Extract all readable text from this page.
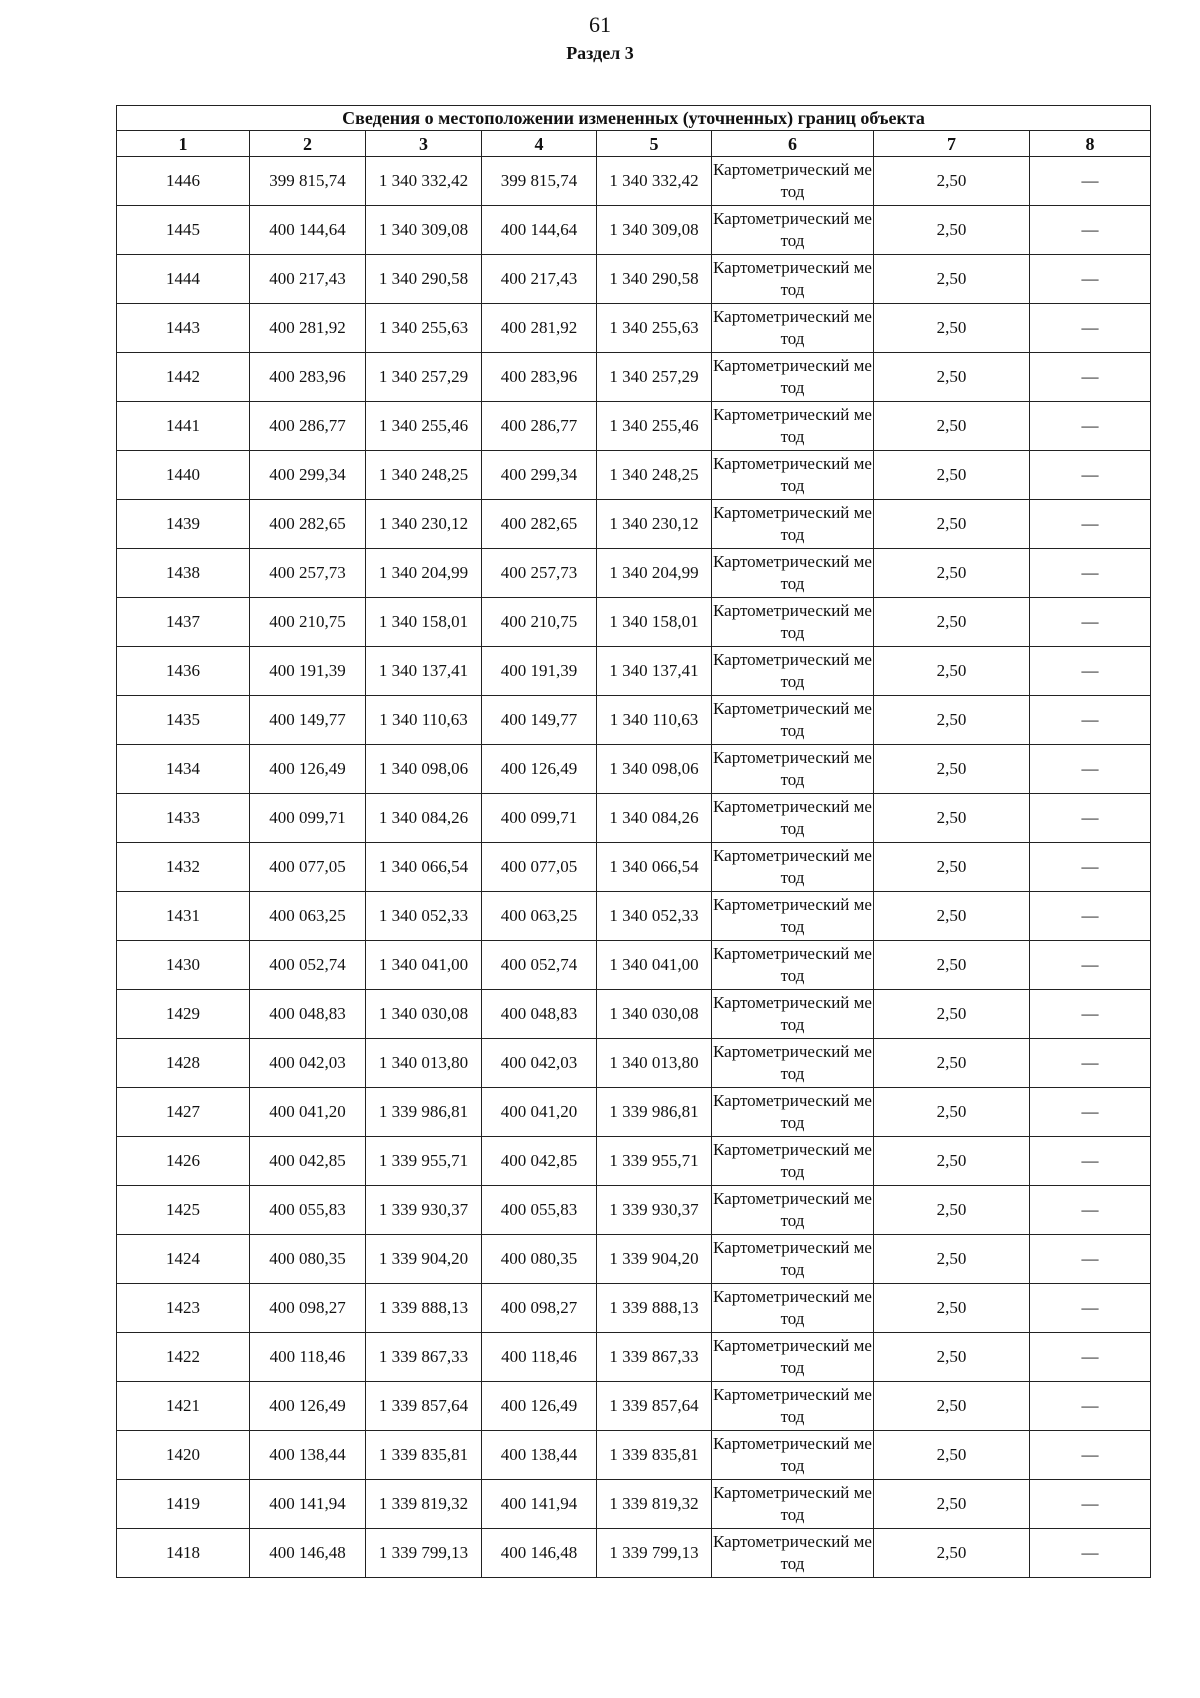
61
Раздел 3
Сведения о местоположении измененных (уточненных) границ объекта							
1	2	3	4	5	6	7	8
1446	399 815,74	1 340 332,42	399 815,74	1 340 332,42	Картометрический метод	2,50	—
1445	400 144,64	1 340 309,08	400 144,64	1 340 309,08	Картометрический метод	2,50	—
1444	400 217,43	1 340 290,58	400 217,43	1 340 290,58	Картометрический метод	2,50	—
1443	400 281,92	1 340 255,63	400 281,92	1 340 255,63	Картометрический метод	2,50	—
1442	400 283,96	1 340 257,29	400 283,96	1 340 257,29	Картометрический метод	2,50	—
1441	400 286,77	1 340 255,46	400 286,77	1 340 255,46	Картометрический метод	2,50	—
1440	400 299,34	1 340 248,25	400 299,34	1 340 248,25	Картометрический метод	2,50	—
1439	400 282,65	1 340 230,12	400 282,65	1 340 230,12	Картометрический метод	2,50	—
1438	400 257,73	1 340 204,99	400 257,73	1 340 204,99	Картометрический метод	2,50	—
1437	400 210,75	1 340 158,01	400 210,75	1 340 158,01	Картометрический метод	2,50	—
1436	400 191,39	1 340 137,41	400 191,39	1 340 137,41	Картометрический метод	2,50	—
1435	400 149,77	1 340 110,63	400 149,77	1 340 110,63	Картометрический метод	2,50	—
1434	400 126,49	1 340 098,06	400 126,49	1 340 098,06	Картометрический метод	2,50	—
1433	400 099,71	1 340 084,26	400 099,71	1 340 084,26	Картометрический метод	2,50	—
1432	400 077,05	1 340 066,54	400 077,05	1 340 066,54	Картометрический метод	2,50	—
1431	400 063,25	1 340 052,33	400 063,25	1 340 052,33	Картометрический метод	2,50	—
1430	400 052,74	1 340 041,00	400 052,74	1 340 041,00	Картометрический метод	2,50	—
1429	400 048,83	1 340 030,08	400 048,83	1 340 030,08	Картометрический метод	2,50	—
1428	400 042,03	1 340 013,80	400 042,03	1 340 013,80	Картометрический метод	2,50	—
1427	400 041,20	1 339 986,81	400 041,20	1 339 986,81	Картометрический метод	2,50	—
1426	400 042,85	1 339 955,71	400 042,85	1 339 955,71	Картометрический метод	2,50	—
1425	400 055,83	1 339 930,37	400 055,83	1 339 930,37	Картометрический метод	2,50	—
1424	400 080,35	1 339 904,20	400 080,35	1 339 904,20	Картометрический метод	2,50	—
1423	400 098,27	1 339 888,13	400 098,27	1 339 888,13	Картометрический метод	2,50	—
1422	400 118,46	1 339 867,33	400 118,46	1 339 867,33	Картометрический метод	2,50	—
1421	400 126,49	1 339 857,64	400 126,49	1 339 857,64	Картометрический метод	2,50	—
1420	400 138,44	1 339 835,81	400 138,44	1 339 835,81	Картометрический метод	2,50	—
1419	400 141,94	1 339 819,32	400 141,94	1 339 819,32	Картометрический метод	2,50	—
1418	400 146,48	1 339 799,13	400 146,48	1 339 799,13	Картометрический метод	2,50	—
